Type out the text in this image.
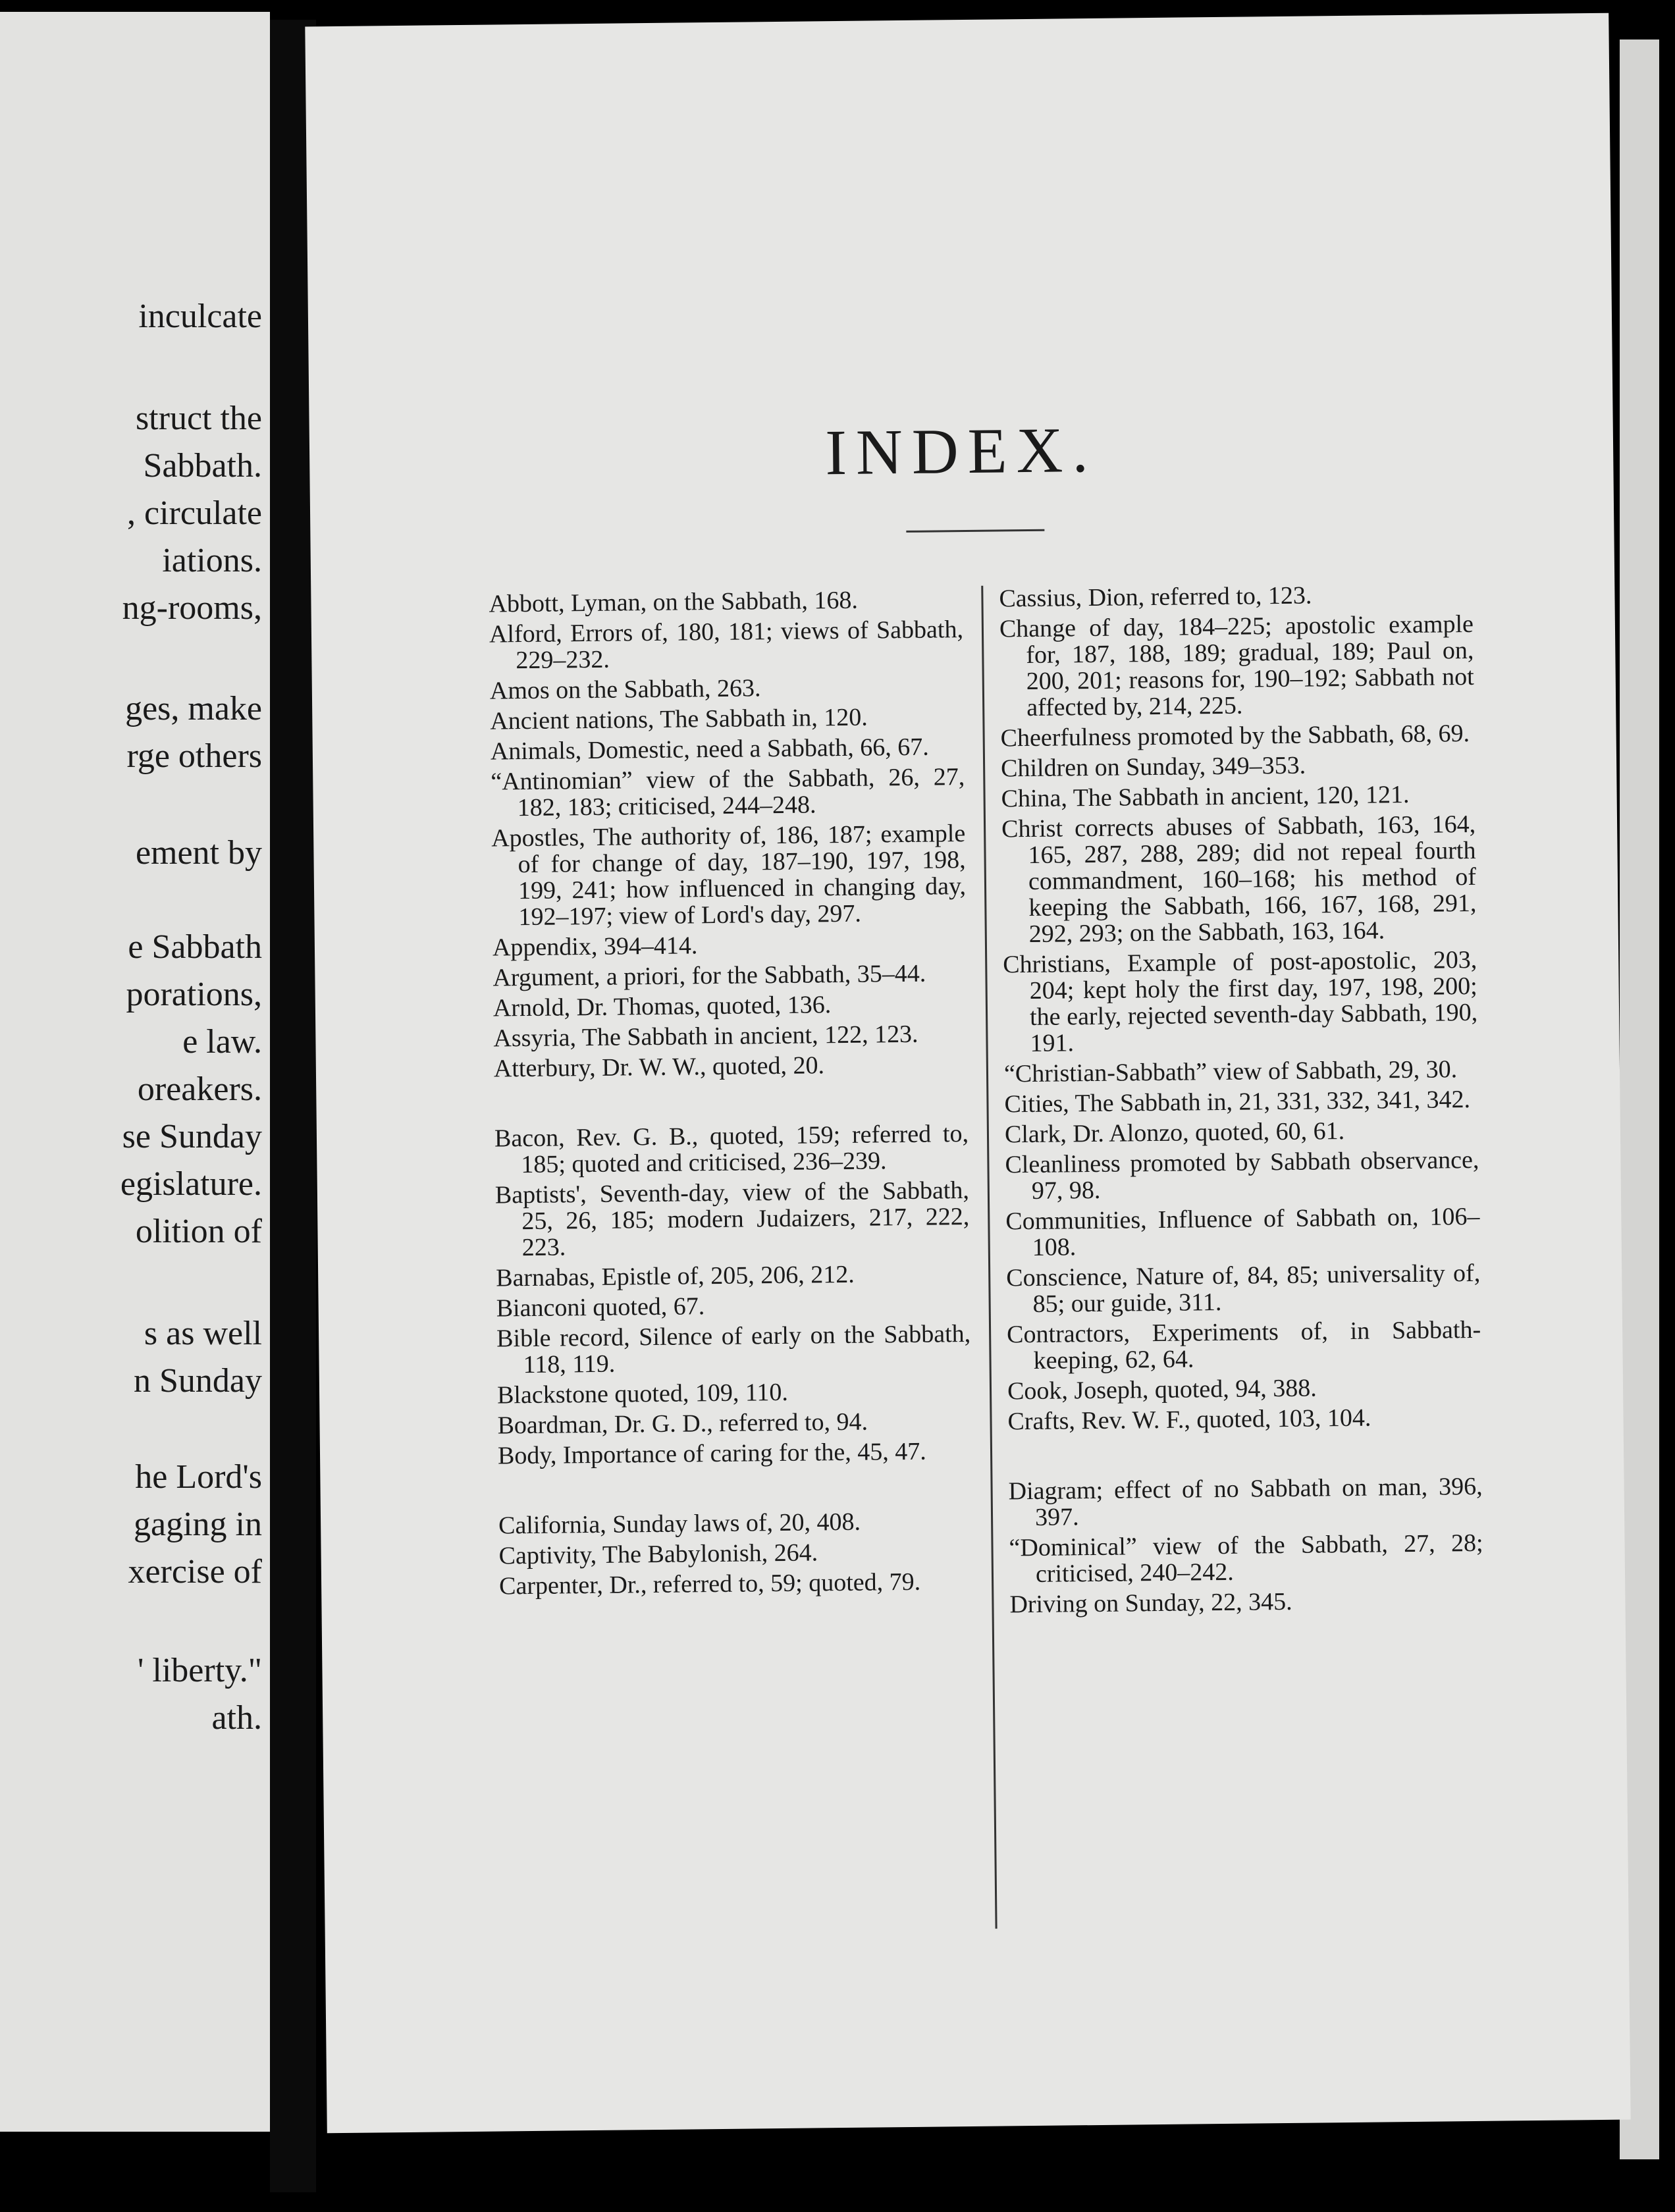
inculcate
struct the
Sabbath.
, circulate
iations.
ng-rooms,
ges, make
rge others
ement by
e Sabbath
porations,
e law.
oreakers.
se Sunday
egislature.
olition of
s as well
n Sunday
he Lord's
gaging in
xercise of
' liberty."
ath.
INDEX.
Abbott, Lyman, on the Sabbath, 168.
Alford, Errors of, 180, 181; views of Sabbath, 229–232.
Amos on the Sabbath, 263.
Ancient nations, The Sabbath in, 120.
Animals, Domestic, need a Sabbath, 66, 67.
“Antinomian” view of the Sabbath, 26, 27, 182, 183; criticised, 244–248.
Apostles, The authority of, 186, 187; example of for change of day, 187–190, 197, 198, 199, 241; how influenced in changing day, 192–197; view of Lord's day, 297.
Appendix, 394–414.
Argument, a priori, for the Sabbath, 35–44.
Arnold, Dr. Thomas, quoted, 136.
Assyria, The Sabbath in ancient, 122, 123.
Atterbury, Dr. W. W., quoted, 20.
Bacon, Rev. G. B., quoted, 159; referred to, 185; quoted and criticised, 236–239.
Baptists', Seventh-day, view of the Sabbath, 25, 26, 185; modern Judaizers, 217, 222, 223.
Barnabas, Epistle of, 205, 206, 212.
Bianconi quoted, 67.
Bible record, Silence of early on the Sabbath, 118, 119.
Blackstone quoted, 109, 110.
Boardman, Dr. G. D., referred to, 94.
Body, Importance of caring for the, 45, 47.
California, Sunday laws of, 20, 408.
Captivity, The Babylonish, 264.
Carpenter, Dr., referred to, 59; quoted, 79.
Cassius, Dion, referred to, 123.
Change of day, 184–225; apostolic example for, 187, 188, 189; gradual, 189; Paul on, 200, 201; reasons for, 190–192; Sabbath not affected by, 214, 225.
Cheerfulness promoted by the Sabbath, 68, 69.
Children on Sunday, 349–353.
China, The Sabbath in ancient, 120, 121.
Christ corrects abuses of Sabbath, 163, 164, 165, 287, 288, 289; did not repeal fourth commandment, 160–168; his method of keeping the Sabbath, 166, 167, 168, 291, 292, 293; on the Sabbath, 163, 164.
Christians, Example of post-apostolic, 203, 204; kept holy the first day, 197, 198, 200; the early, rejected seventh-day Sabbath, 190, 191.
“Christian-Sabbath” view of Sabbath, 29, 30.
Cities, The Sabbath in, 21, 331, 332, 341, 342.
Clark, Dr. Alonzo, quoted, 60, 61.
Cleanliness promoted by Sabbath observance, 97, 98.
Communities, Influence of Sabbath on, 106–108.
Conscience, Nature of, 84, 85; universality of, 85; our guide, 311.
Contractors, Experiments of, in Sabbath-keeping, 62, 64.
Cook, Joseph, quoted, 94, 388.
Crafts, Rev. W. F., quoted, 103, 104.
Diagram; effect of no Sabbath on man, 396, 397.
“Dominical” view of the Sabbath, 27, 28; criticised, 240–242.
Driving on Sunday, 22, 345.
